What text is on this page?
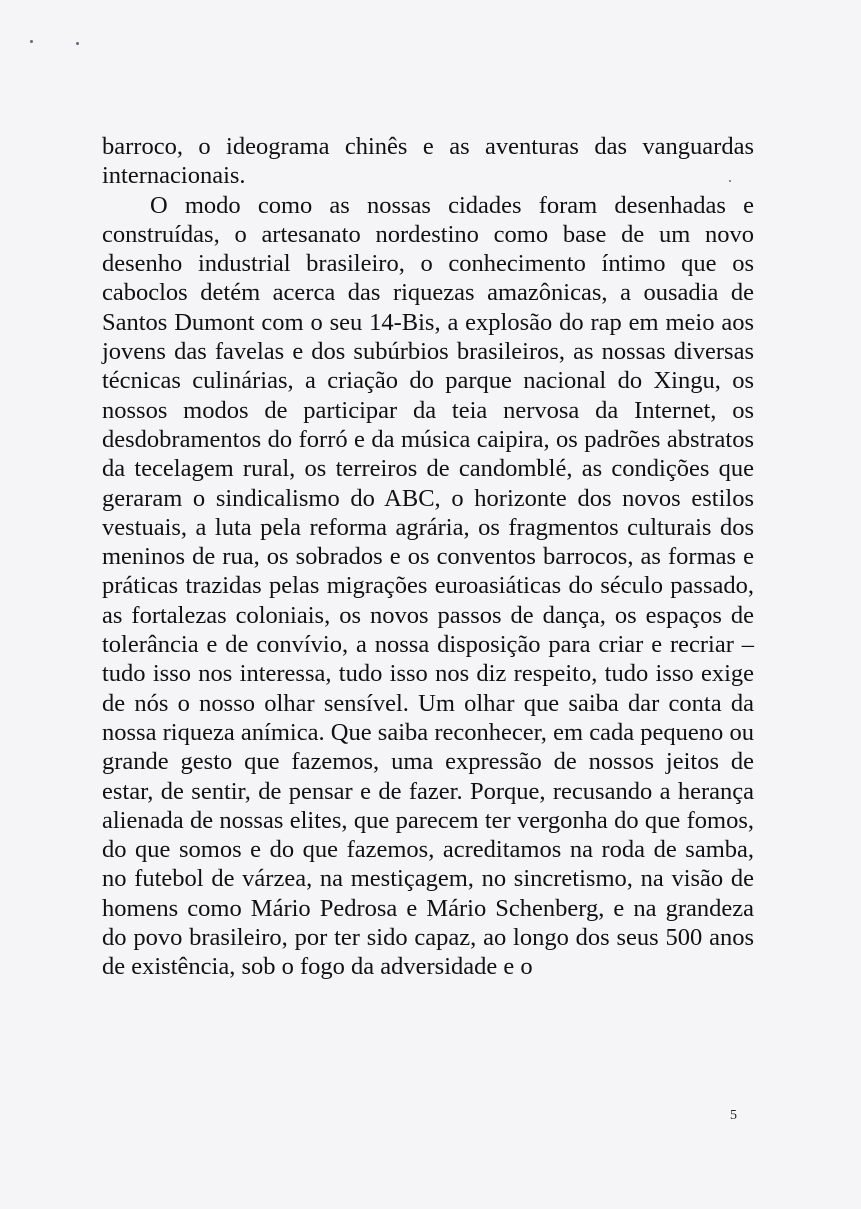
barroco, o ideograma chinês e as aventuras das vanguardas internacionais.

O modo como as nossas cidades foram desenhadas e construídas, o artesanato nordestino como base de um novo desenho industrial brasileiro, o conhecimento íntimo que os caboclos detém acerca das riquezas amazônicas, a ousadia de Santos Dumont com o seu 14-Bis, a explosão do rap em meio aos jovens das favelas e dos subúrbios brasileiros, as nossas diversas técnicas culinárias, a criação do parque nacional do Xingu, os nossos modos de participar da teia nervosa da Internet, os desdobramentos do forró e da música caipira, os padrões abstratos da tecelagem rural, os terreiros de candomblé, as condições que geraram o sindicalismo do ABC, o horizonte dos novos estilos vestuais, a luta pela reforma agrária, os fragmentos culturais dos meninos de rua, os sobrados e os conventos barrocos, as formas e práticas trazidas pelas migrações euroasiáticas do século passado, as fortalezas coloniais, os novos passos de dança, os espaços de tolerância e de convívio, a nossa disposição para criar e recriar – tudo isso nos interessa, tudo isso nos diz respeito, tudo isso exige de nós o nosso olhar sensível. Um olhar que saiba dar conta da nossa riqueza anímica. Que saiba reconhecer, em cada pequeno ou grande gesto que fazemos, uma expressão de nossos jeitos de estar, de sentir, de pensar e de fazer. Porque, recusando a herança alienada de nossas elites, que parecem ter vergonha do que fomos, do que somos e do que fazemos, acreditamos na roda de samba, no futebol de várzea, na mestiçagem, no sincretismo, na visão de homens como Mário Pedrosa e Mário Schenberg, e na grandeza do povo brasileiro, por ter sido capaz, ao longo dos seus 500 anos de existência, sob o fogo da adversidade e o

5
